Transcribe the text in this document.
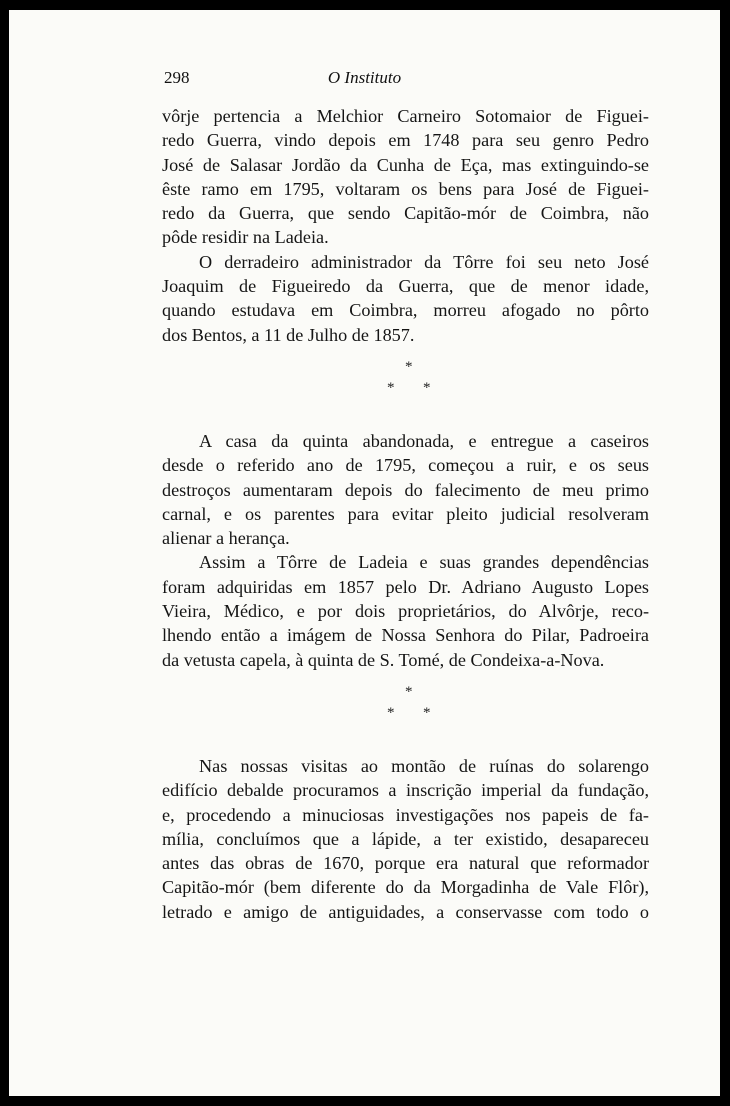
298	O Instituto
vôrje pertencia a Melchior Carneiro Sotomaior de Figuei-
redo Guerra, vindo depois em 1748 para seu genro Pedro
José de Salasar Jordão da Cunha de Eça, mas extinguindo-se
êste ramo em 1795, voltaram os bens para José de Figuei-
redo da Guerra, que sendo Capitão-mór de Coimbra, não
pôde residir na Ladeia.
O derradeiro administrador da Tôrre foi seu neto José
Joaquim de Figueiredo da Guerra, que de menor idade,
quando estudava em Coimbra, morreu afogado no pôrto
dos Bentos, a 11 de Julho de 1857.
*
* *
A casa da quinta abandonada, e entregue a caseiros
desde o referido ano de 1795, começou a ruir, e os seus
destroços aumentaram depois do falecimento de meu primo
carnal, e os parentes para evitar pleito judicial resolveram
alienar a herança.
Assim a Tôrre de Ladeia e suas grandes dependências
foram adquiridas em 1857 pelo Dr. Adriano Augusto Lopes
Vieira, Médico, e por dois proprietários, do Alvôrje, reco-
lhendo então a imágem de Nossa Senhora do Pilar, Padroeira
da vetusta capela, à quinta de S. Tomé, de Condeixa-a-Nova.
*
* *
Nas nossas visitas ao montão de ruínas do solarengo
edifício debalde procuramos a inscrição imperial da fundação,
e, procedendo a minuciosas investigações nos papeis de fa-
mília, concluímos que a lápide, a ter existido, desapareceu
antes das obras de 1670, porque era natural que reformador
Capitão-mór (bem diferente do da Morgadinha de Vale Flôr),
letrado e amigo de antiguidades, a conservasse com todo o
